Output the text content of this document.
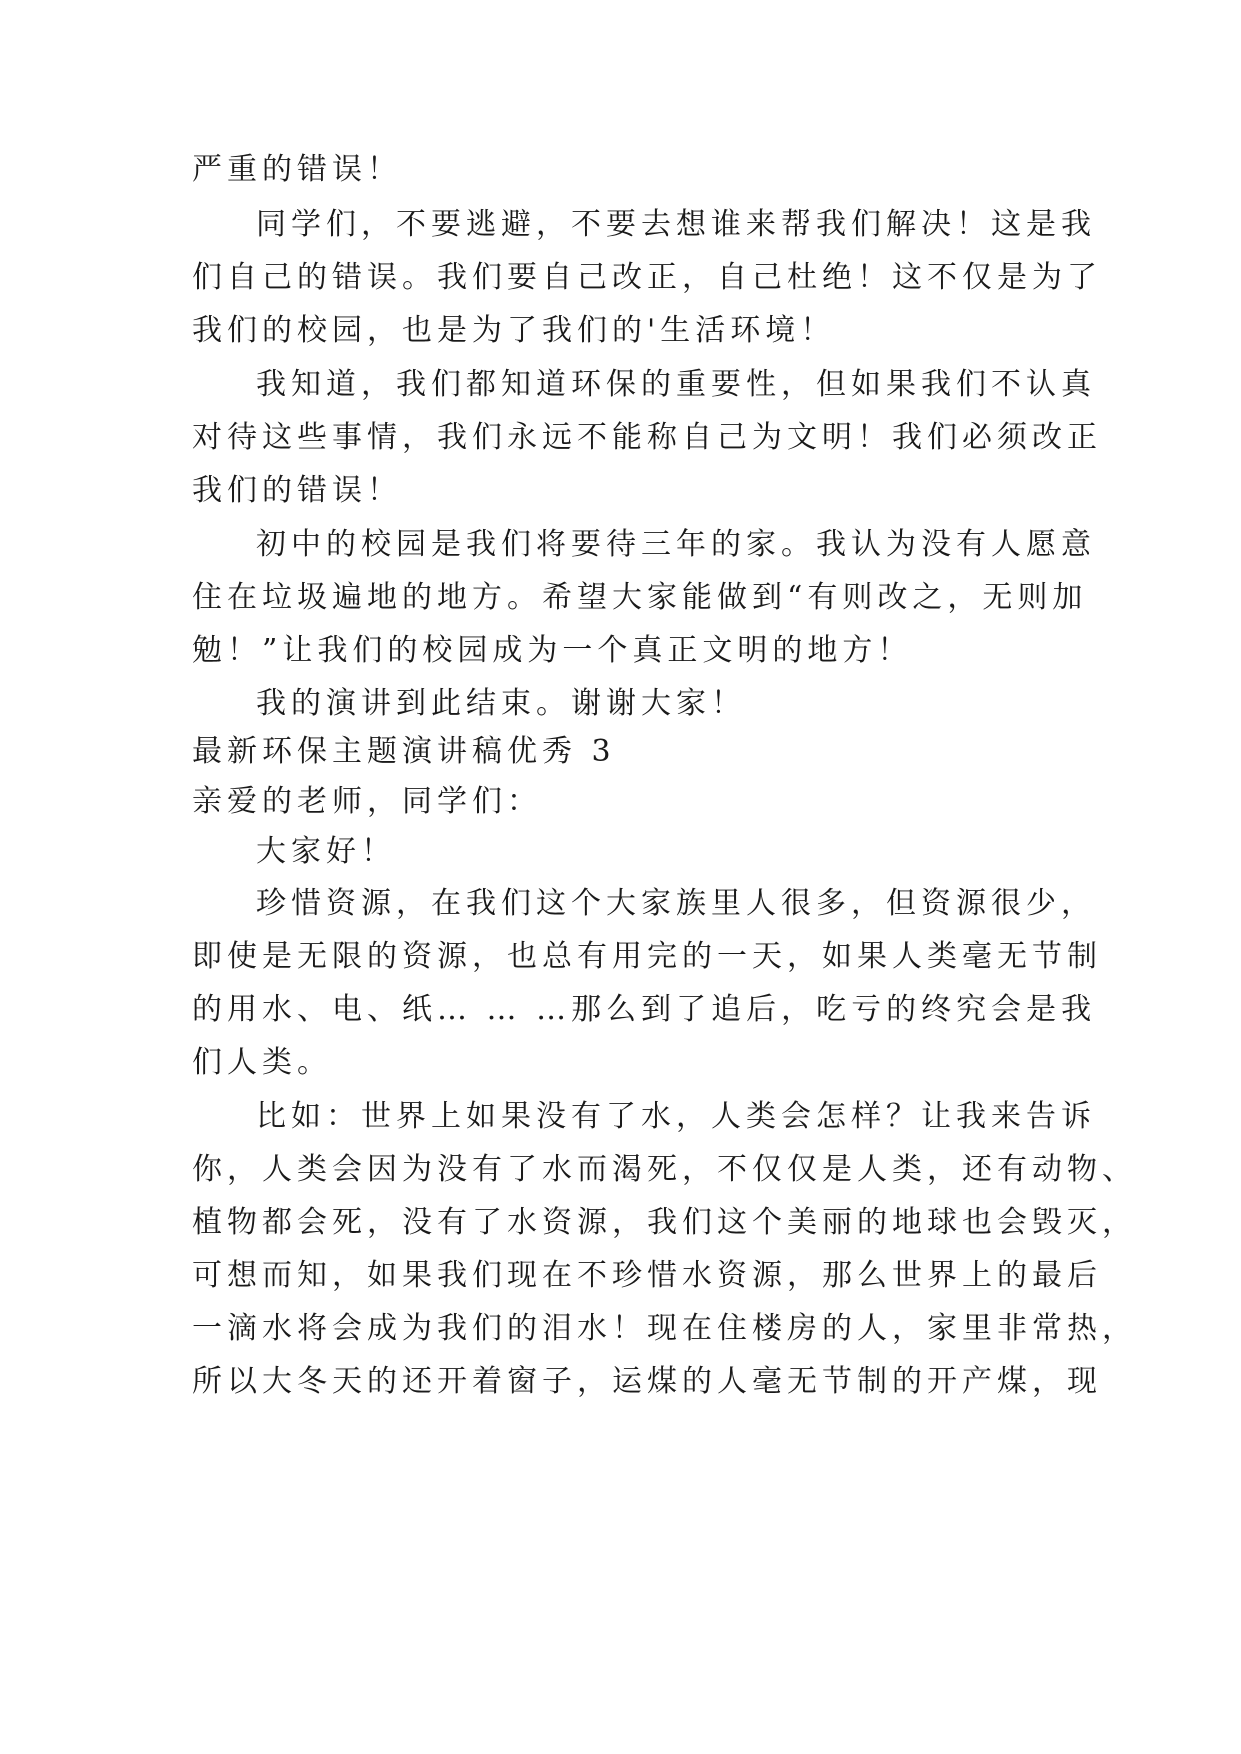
严重的错误！
同学们，不要逃避，不要去想谁来帮我们解决！这是我
们自己的错误。我们要自己改正，自己杜绝！这不仅是为了
我们的校园，也是为了我们的'生活环境！
我知道，我们都知道环保的重要性，但如果我们不认真
对待这些事情，我们永远不能称自己为文明！我们必须改正
我们的错误！
初中的校园是我们将要待三年的家。我认为没有人愿意
住在垃圾遍地的地方。希望大家能做到“有则改之，无则加
勉！”让我们的校园成为一个真正文明的地方！
我的演讲到此结束。谢谢大家！
最新环保主题演讲稿优秀 3
亲爱的老师，同学们：
大家好！
珍惜资源，在我们这个大家族里人很多，但资源很少，
即使是无限的资源，也总有用完的一天，如果人类毫无节制
的用水、电、纸… … …那么到了追后，吃亏的终究会是我
们人类。
比如：世界上如果没有了水，人类会怎样？让我来告诉
你，人类会因为没有了水而渴死，不仅仅是人类，还有动物、
植物都会死，没有了水资源，我们这个美丽的地球也会毁灭，
可想而知，如果我们现在不珍惜水资源，那么世界上的最后
一滴水将会成为我们的泪水！现在住楼房的人，家里非常热，
所以大冬天的还开着窗子，运煤的人毫无节制的开产煤，现
